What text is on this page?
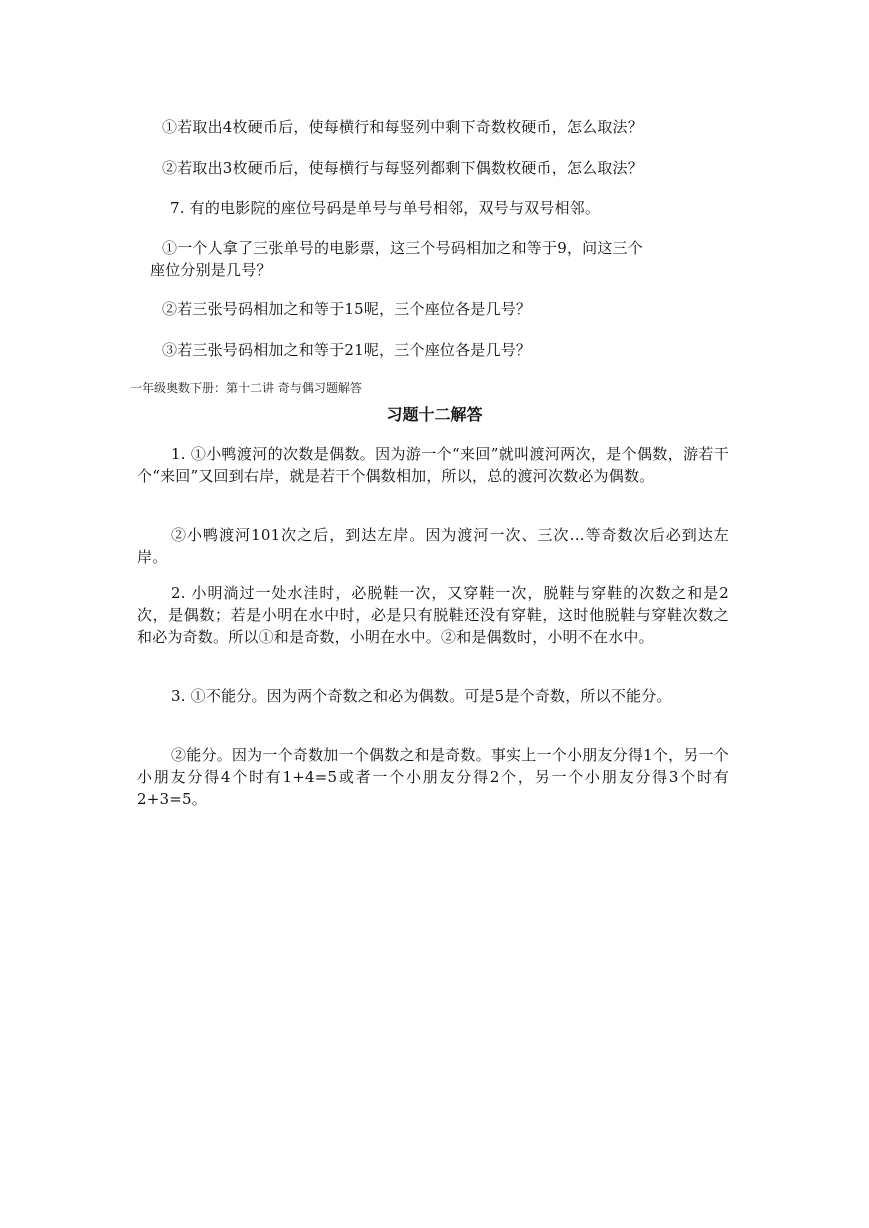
①若取出4枚硬币后，使每横行和每竖列中剩下奇数枚硬币，怎么取法？
②若取出3枚硬币后，使每横行与每竖列都剩下偶数枚硬币，怎么取法？
7. 有的电影院的座位号码是单号与单号相邻，双号与双号相邻。
①一个人拿了三张单号的电影票，这三个号码相加之和等于9，问这三个
座位分别是几号？
②若三张号码相加之和等于15呢，三个座位各是几号？
③若三张号码相加之和等于21呢，三个座位各是几号？
一年级奥数下册：第十二讲 奇与偶习题解答
习题十二解答
1. ①小鸭渡河的次数是偶数。因为游一个“来回”就叫渡河两次，是个偶数，游若干个“来回”又回到右岸，就是若干个偶数相加，所以，总的渡河次数必为偶数。
②小鸭渡河101次之后，到达左岸。因为渡河一次、三次…等奇数次后必到达左岸。
2. 小明淌过一处水洼时，必脱鞋一次，又穿鞋一次，脱鞋与穿鞋的次数之和是2次，是偶数；若是小明在水中时，必是只有脱鞋还没有穿鞋，这时他脱鞋与穿鞋次数之和必为奇数。所以①和是奇数，小明在水中。②和是偶数时，小明不在水中。
3. ①不能分。因为两个奇数之和必为偶数。可是5是个奇数，所以不能分。
②能分。因为一个奇数加一个偶数之和是奇数。事实上一个小朋友分得1个，另一个小朋友分得4个时有1+4=5或者一个小朋友分得2个，另一个小朋友分得3个时有2+3=5。
